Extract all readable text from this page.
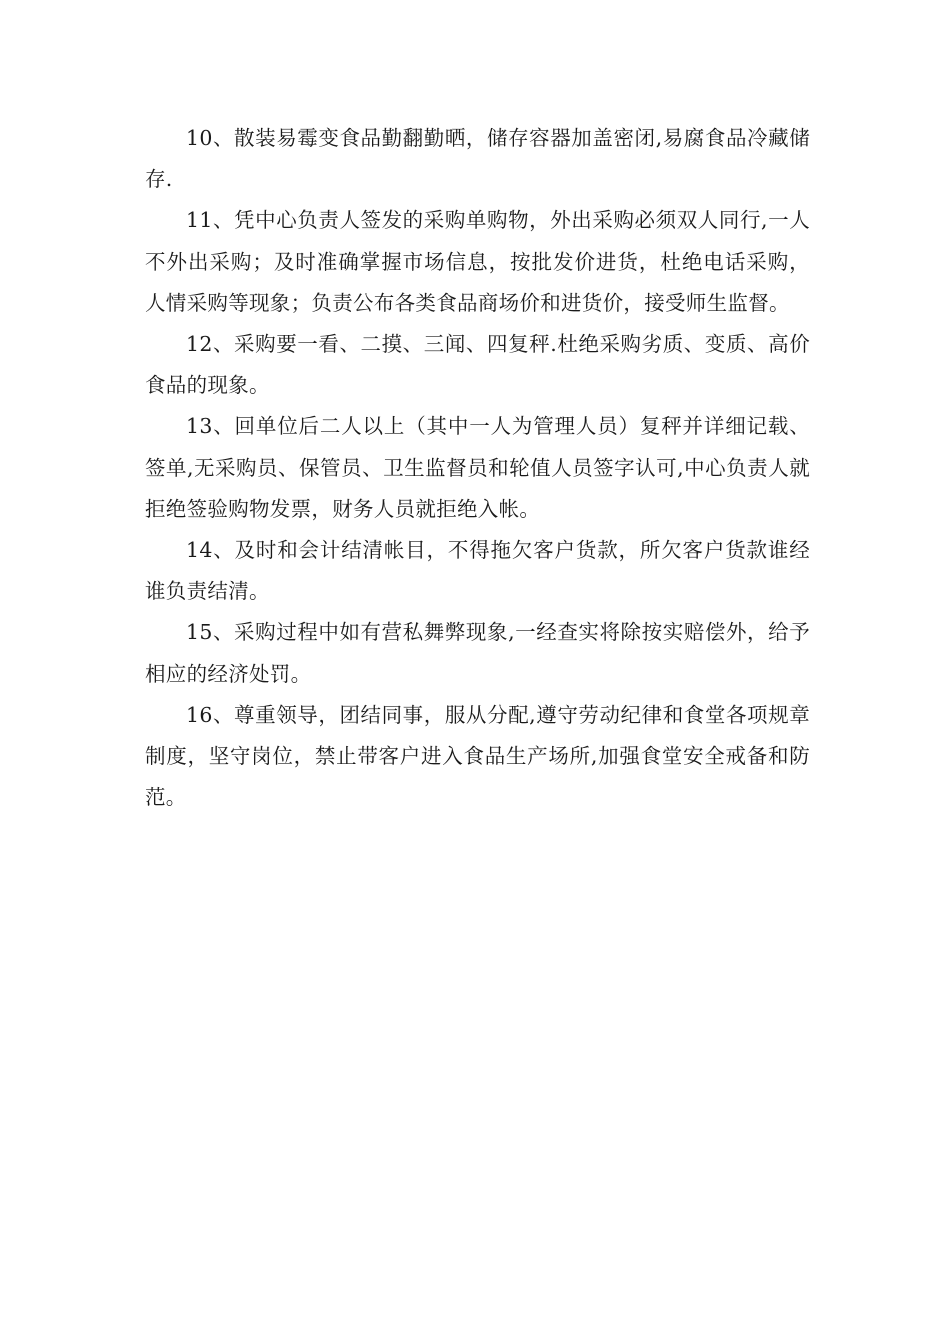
10、散装易霉变食品勤翻勤晒，储存容器加盖密闭,易腐食品冷藏储存.

11、凭中心负责人签发的采购单购物，外出采购必须双人同行,一人不外出采购；及时准确掌握市场信息，按批发价进货，杜绝电话采购，人情采购等现象；负责公布各类食品商场价和进货价，接受师生监督。

12、采购要一看、二摸、三闻、四复秤.杜绝采购劣质、变质、高价食品的现象。

13、回单位后二人以上（其中一人为管理人员）复秤并详细记载、签单,无采购员、保管员、卫生监督员和轮值人员签字认可,中心负责人就拒绝签验购物发票，财务人员就拒绝入帐。

14、及时和会计结清帐目，不得拖欠客户货款，所欠客户货款谁经谁负责结清。

15、采购过程中如有营私舞弊现象,一经查实将除按实赔偿外，给予相应的经济处罚。

16、尊重领导，团结同事，服从分配,遵守劳动纪律和食堂各项规章制度，坚守岗位，禁止带客户进入食品生产场所,加强食堂安全戒备和防范。
